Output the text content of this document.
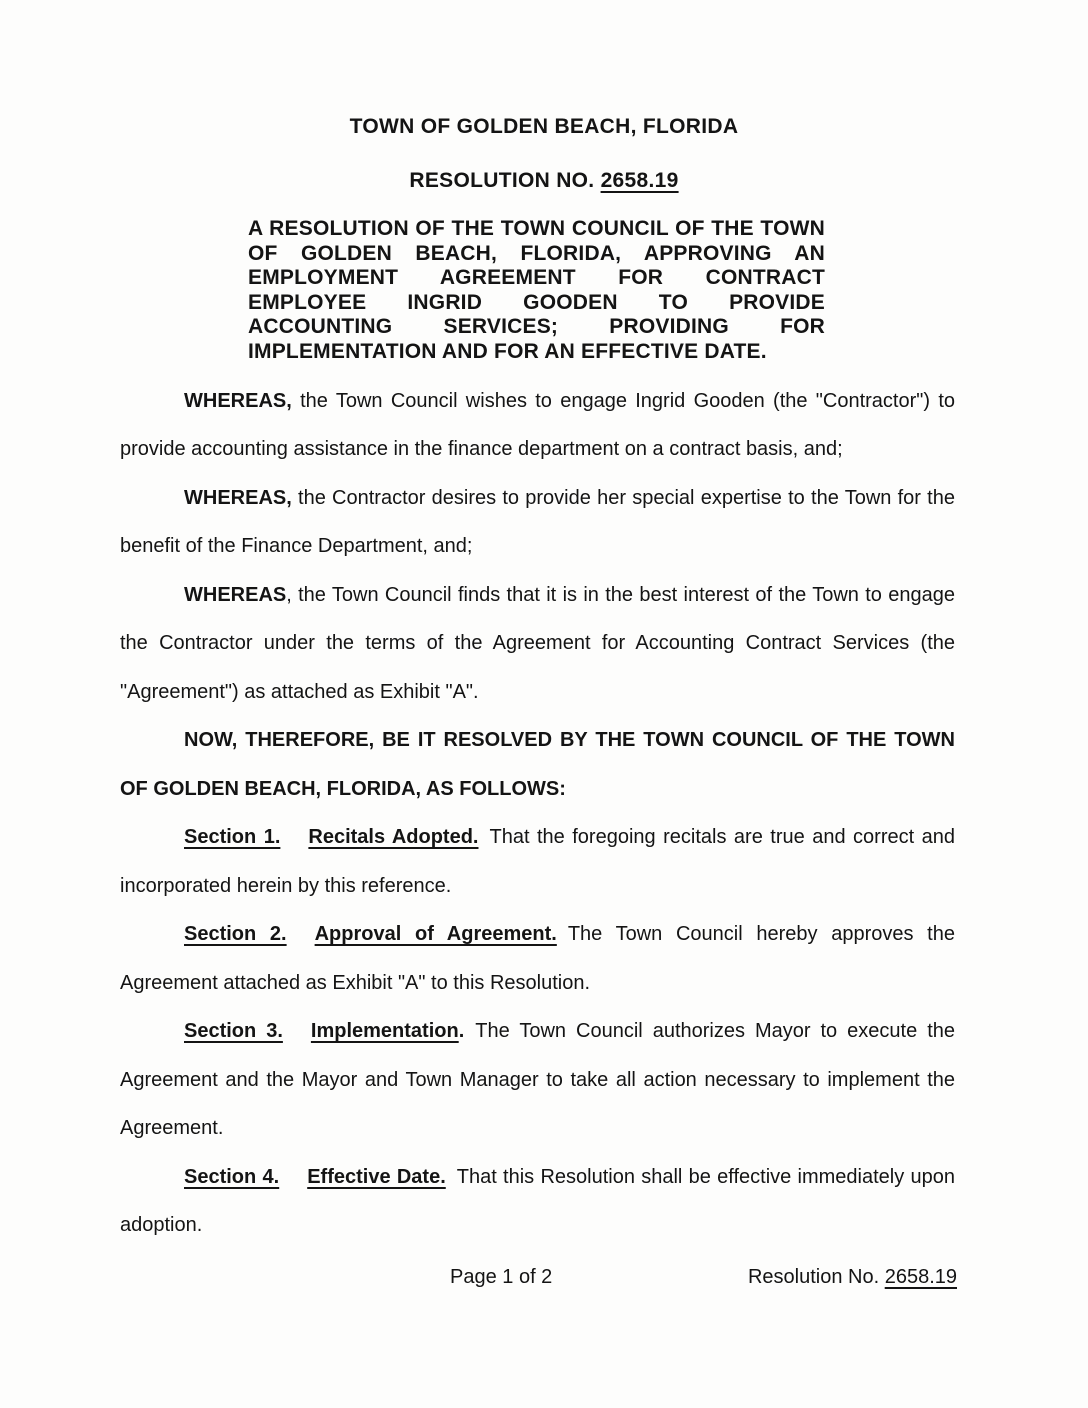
TOWN OF GOLDEN BEACH, FLORIDA
RESOLUTION NO. 2658.19

A RESOLUTION OF THE TOWN COUNCIL OF THE TOWN OF GOLDEN BEACH, FLORIDA, APPROVING AN EMPLOYMENT AGREEMENT FOR CONTRACT EMPLOYEE INGRID GOODEN TO PROVIDE ACCOUNTING SERVICES; PROVIDING FOR IMPLEMENTATION AND FOR AN EFFECTIVE DATE.

WHEREAS, the Town Council wishes to engage Ingrid Gooden (the "Contractor") to provide accounting assistance in the finance department on a contract basis, and;

WHEREAS, the Contractor desires to provide her special expertise to the Town for the benefit of the Finance Department, and;

WHEREAS, the Town Council finds that it is in the best interest of the Town to engage the Contractor under the terms of the Agreement for Accounting Contract Services (the "Agreement") as attached as Exhibit "A".

NOW, THEREFORE, BE IT RESOLVED BY THE TOWN COUNCIL OF THE TOWN OF GOLDEN BEACH, FLORIDA, AS FOLLOWS:

Section 1. Recitals Adopted. That the foregoing recitals are true and correct and incorporated herein by this reference.

Section 2. Approval of Agreement. The Town Council hereby approves the Agreement attached as Exhibit "A" to this Resolution.

Section 3. Implementation. The Town Council authorizes Mayor to execute the Agreement and the Mayor and Town Manager to take all action necessary to implement the Agreement.

Section 4. Effective Date. That this Resolution shall be effective immediately upon adoption.

Page 1 of 2	Resolution No. 2658.19
